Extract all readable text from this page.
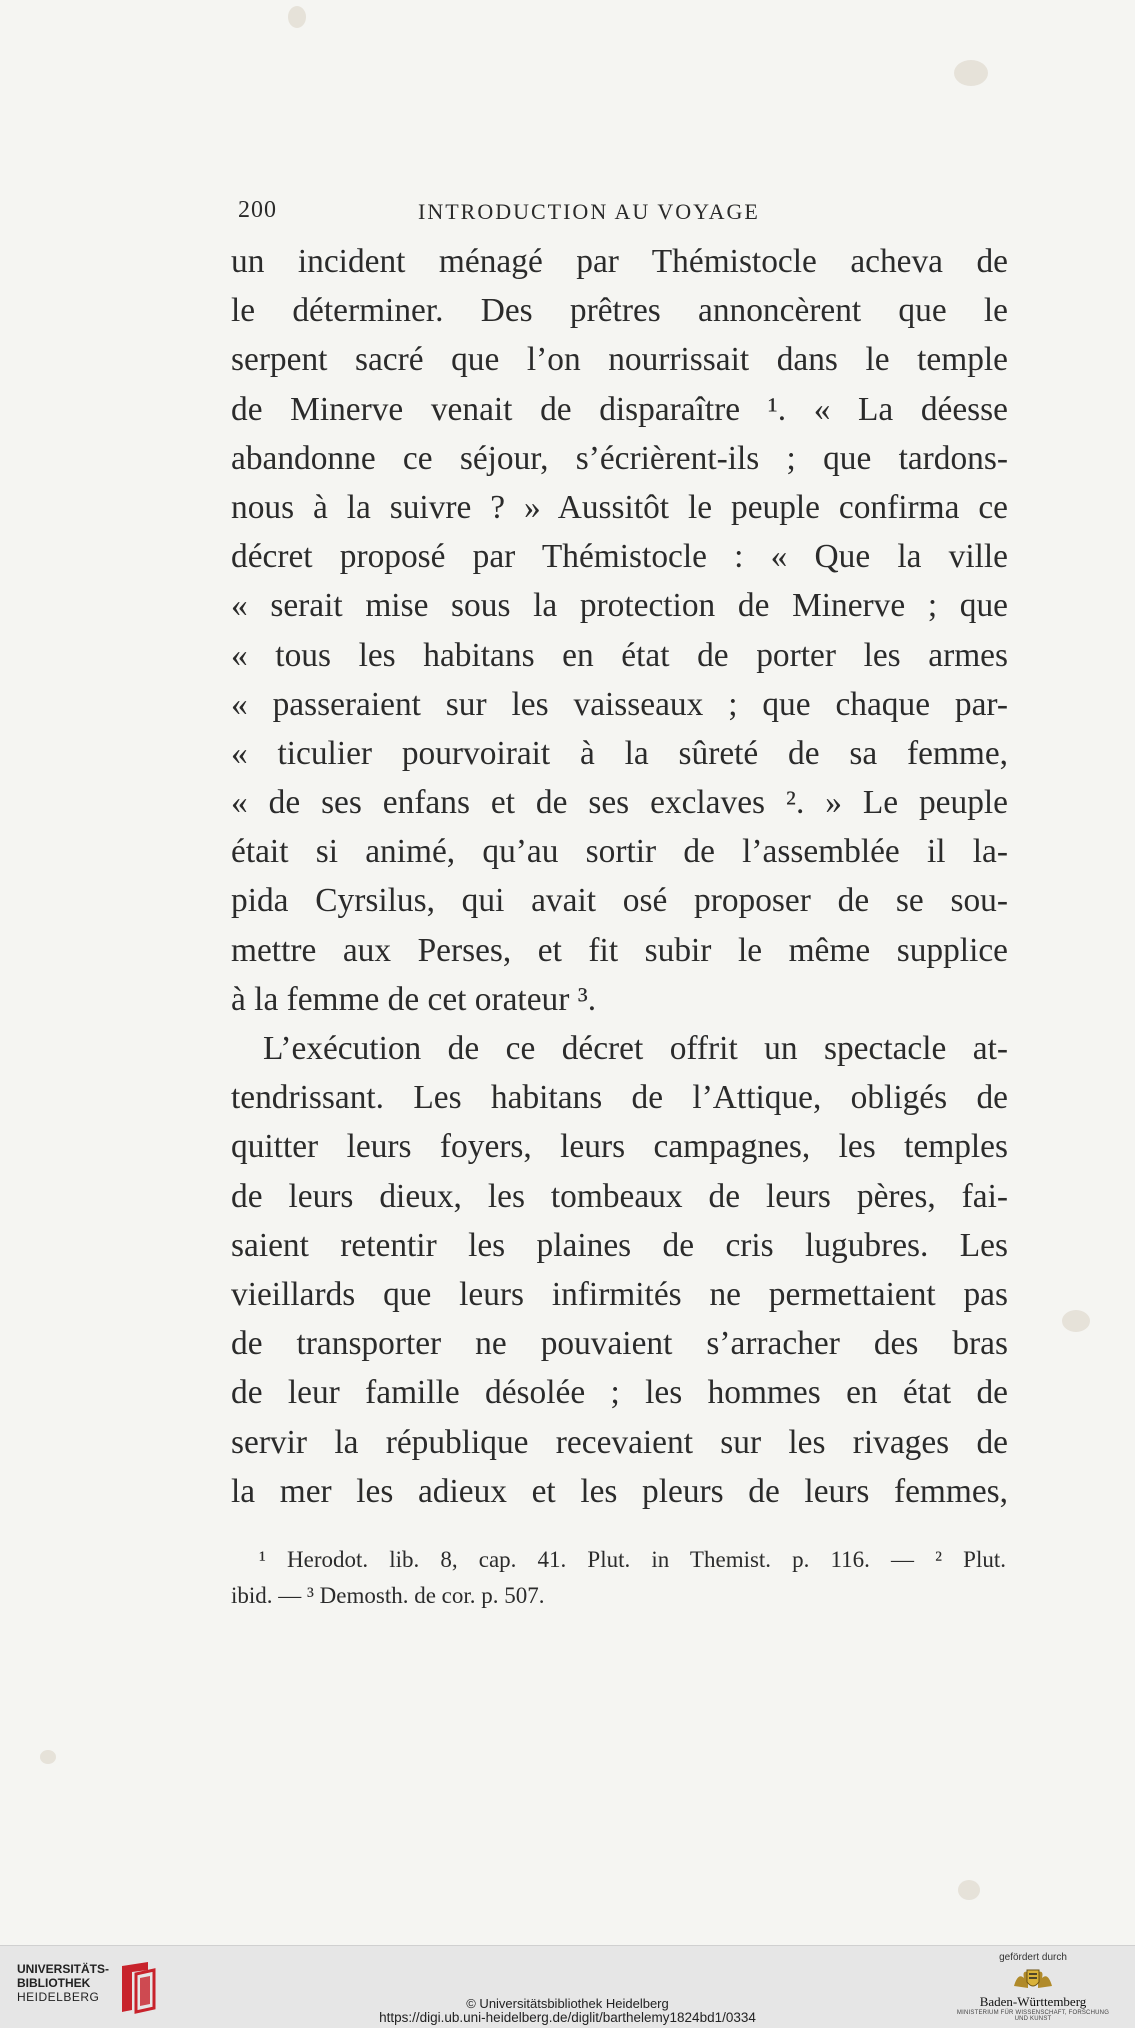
200	INTRODUCTION AU VOYAGE
un incident ménagé par Thémistocle acheva de
le déterminer. Des prêtres annoncèrent que le
serpent sacré que l’on nourrissait dans le temple
de Minerve venait de disparaître ¹. « La déesse
abandonne ce séjour, s’écrièrent-ils ; que tardons-
nous à la suivre ? » Aussitôt le peuple confirma ce
décret proposé par Thémistocle : « Que la ville
« serait mise sous la protection de Minerve ; que
« tous les habitans en état de porter les armes
« passeraient sur les vaisseaux ; que chaque par-
« ticulier pourvoirait à la sûreté de sa femme,
« de ses enfans et de ses exclaves ². » Le peuple
était si animé, qu’au sortir de l’assemblée il la-
pida Cyrsilus, qui avait osé proposer de se sou-
mettre aux Perses, et fit subir le même supplice
à la femme de cet orateur ³.
L’exécution de ce décret offrit un spectacle at-
tendrissant. Les habitans de l’Attique, obligés de
quitter leurs foyers, leurs campagnes, les temples
de leurs dieux, les tombeaux de leurs pères, fai-
saient retentir les plaines de cris lugubres. Les
vieillards que leurs infirmités ne permettaient pas
de transporter ne pouvaient s’arracher des bras
de leur famille désolée ; les hommes en état de
servir la république recevaient sur les rivages de
la mer les adieux et les pleurs de leurs femmes,
¹ Herodot. lib. 8, cap. 41. Plut. in Themist. p. 116. — ² Plut.
ibid. — ³ Demosth. de cor. p. 507.
UNIVERSITÄTS-
BIBLIOTHEK
HEIDELBERG	© Universitätsbibliothek Heidelberg
https://digi.ub.uni-heidelberg.de/diglit/barthelemy1824bd1/0334
gefördert durch
Baden-Württemberg
MINISTERIUM FÜR WISSENSCHAFT, FORSCHUNG UND KUNST
